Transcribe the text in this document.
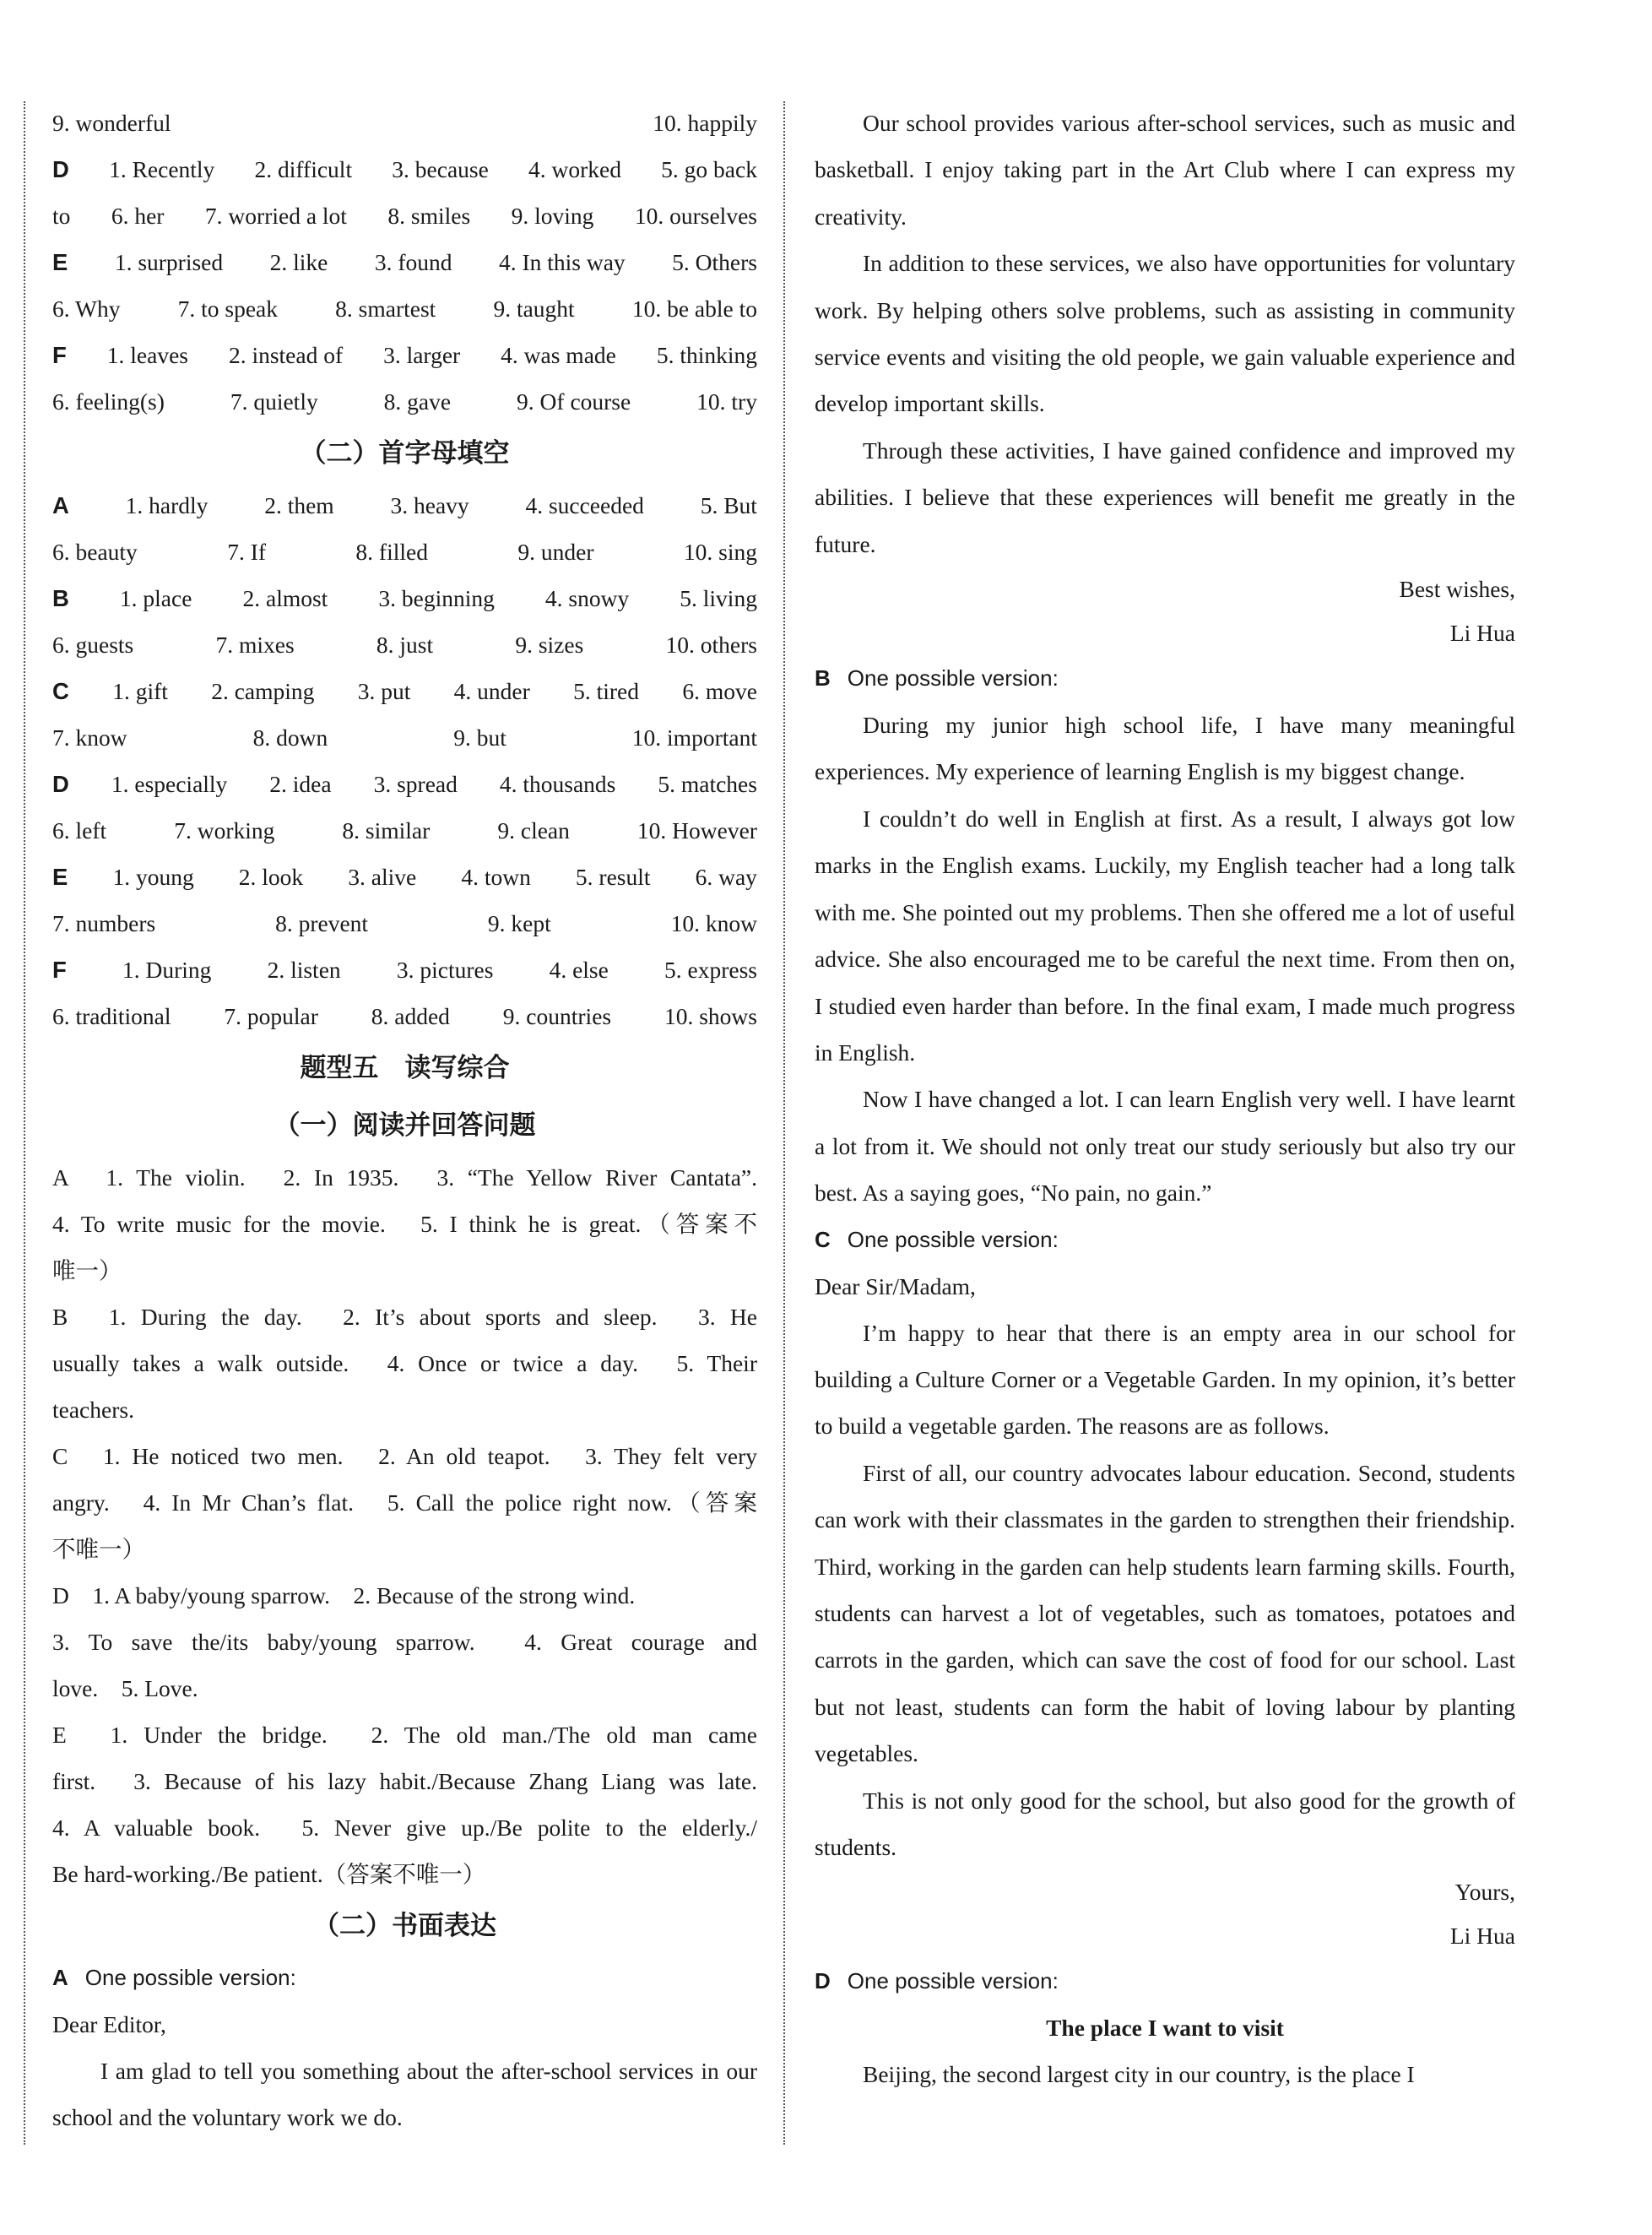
9. wonderful	10. happily
D 1. Recently 2. difficult 3. because 4. worked 5. go back
to 6. her 7. worried a lot 8. smiles 9. loving 10. ourselves
E 1. surprised 2. like 3. found 4. In this way 5. Others
6. Why 7. to speak 8. smartest 9. taught 10. be able to
F 1. leaves 2. instead of 3. larger 4. was made 5. thinking
6. feeling(s)	7. quietly	8. gave	9. Of course	10. try
（二）首字母填空
A 1. hardly 2. them 3. heavy 4. succeeded 5. But
6. beauty	7. If	8. filled	9. under	10. sing
B 1. place 2. almost 3. beginning 4. snowy 5. living
6. guests	7. mixes	8. just	9. sizes	10. others
C 1. gift 2. camping 3. put 4. under 5. tired 6. move
7. know	8. down	9. but	10. important
D 1. especially 2. idea 3. spread 4. thousands 5. matches
6. left	7. working	8. similar	9. clean	10. However
E 1. young 2. look 3. alive 4. town 5. result 6. way
7. numbers	8. prevent	9. kept	10. know
F 1. During 2. listen 3. pictures 4. else 5. express
6. traditional 7. popular 8. added 9. countries 10. shows
题型五　读写综合
（一）阅读并回答问题
A　1. The violin.　2. In 1935.　3. “The Yellow River Cantata”.
4. To write music for the movie.　5. I think he is great.（答案不
唯一）
B　1. During the day.　2. It’s about sports and sleep.　3. He
usually takes a walk outside.　4. Once or twice a day.　5. Their
teachers.
C　1. He noticed two men.　2. An old teapot.　3. They felt very
angry.　4. In Mr Chan’s flat.　5. Call the police right now.（答案
不唯一）
D　1. A baby/young sparrow.　2. Because of the strong wind.
3. To save the/its baby/young sparrow.　4. Great courage and
love.　5. Love.
E　1. Under the bridge.　2. The old man./The old man came
first.　3. Because of his lazy habit./Because Zhang Liang was late.
4. A valuable book.　5. Never give up./Be polite to the elderly./
Be hard-working./Be patient.（答案不唯一）
（二）书面表达
A One possible version:
Dear Editor,

I am glad to tell you something about the after-school services in our school and the voluntary work we do.

Our school provides various after-school services, such as music and basketball. I enjoy taking part in the Art Club where I can express my creativity.

In addition to these services, we also have opportunities for voluntary work. By helping others solve problems, such as assisting in community service events and visiting the old people, we gain valuable experience and develop important skills.

Through these activities, I have gained confidence and improved my abilities. I believe that these experiences will benefit me greatly in the future.

Best wishes,
Li Hua
B One possible version:

During my junior high school life, I have many meaningful experiences. My experience of learning English is my biggest change.

I couldn’t do well in English at first. As a result, I always got low marks in the English exams. Luckily, my English teacher had a long talk with me. She pointed out my problems. Then she offered me a lot of useful advice. She also encouraged me to be careful the next time. From then on, I studied even harder than before. In the final exam, I made much progress in English.

Now I have changed a lot. I can learn English very well. I have learnt a lot from it. We should not only treat our study seriously but also try our best. As a saying goes, “No pain, no gain.”

C One possible version:
Dear Sir/Madam,

I’m happy to hear that there is an empty area in our school for building a Culture Corner or a Vegetable Garden. In my opinion, it’s better to build a vegetable garden. The reasons are as follows.

First of all, our country advocates labour education. Second, students can work with their classmates in the garden to strengthen their friendship. Third, working in the garden can help students learn farming skills. Fourth, students can harvest a lot of vegetables, such as tomatoes, potatoes and carrots in the garden, which can save the cost of food for our school. Last but not least, students can form the habit of loving labour by planting vegetables.

This is not only good for the school, but also good for the growth of students.

Yours,
Li Hua
D One possible version:
The place I want to visit

Beijing, the second largest city in our country, is the place I
